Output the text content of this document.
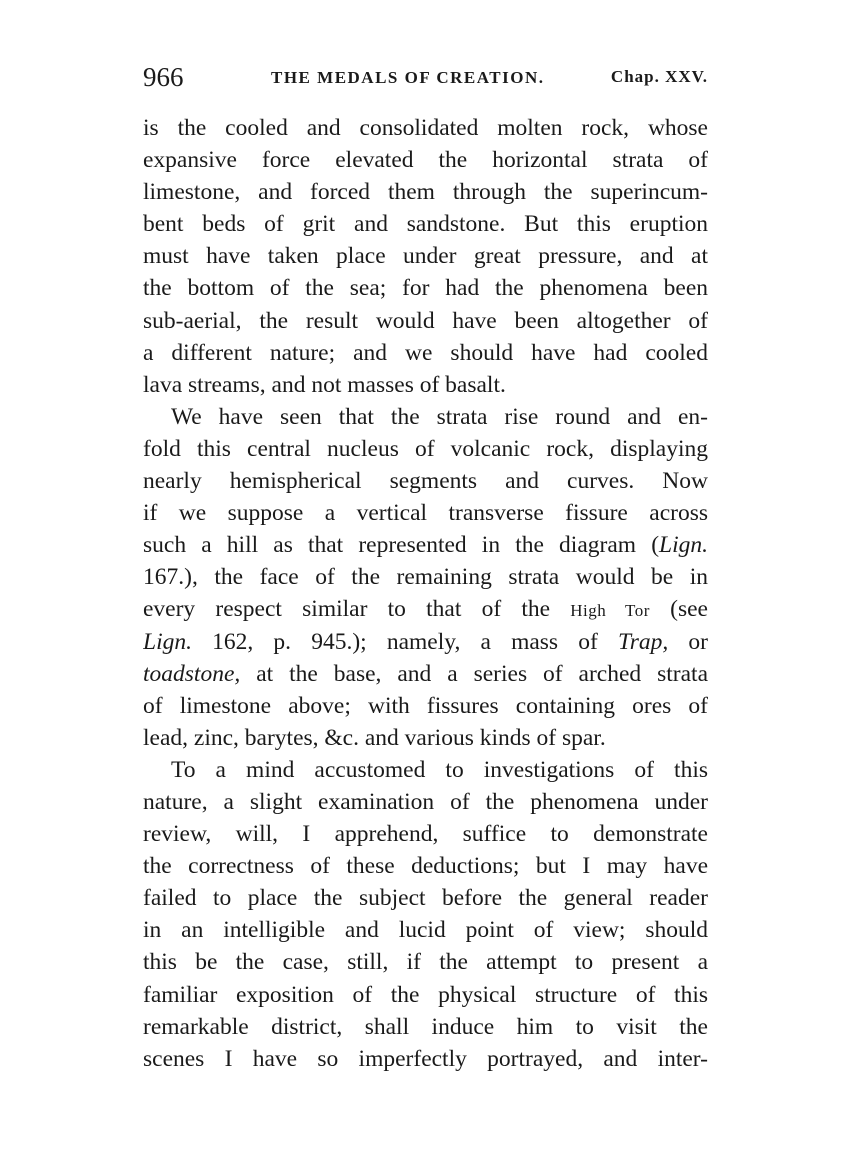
966	THE MEDALS OF CREATION.	Chap. XXV.
is the cooled and consolidated molten rock, whose
expansive force elevated the horizontal strata of
limestone, and forced them through the superincum-
bent beds of grit and sandstone. But this eruption
must have taken place under great pressure, and at
the bottom of the sea; for had the phenomena been
sub-aerial, the result would have been altogether of
a different nature; and we should have had cooled
lava streams, and not masses of basalt.
We have seen that the strata rise round and en-
fold this central nucleus of volcanic rock, displaying
nearly hemispherical segments and curves. Now
if we suppose a vertical transverse fissure across
such a hill as that represented in the diagram (Lign.
167.), the face of the remaining strata would be in
every respect similar to that of the High Tor (see
Lign. 162, p. 945.); namely, a mass of Trap, or
toadstone, at the base, and a series of arched strata
of limestone above; with fissures containing ores of
lead, zinc, barytes, &c. and various kinds of spar.
To a mind accustomed to investigations of this
nature, a slight examination of the phenomena under
review, will, I apprehend, suffice to demonstrate
the correctness of these deductions; but I may have
failed to place the subject before the general reader
in an intelligible and lucid point of view; should
this be the case, still, if the attempt to present a
familiar exposition of the physical structure of this
remarkable district, shall induce him to visit the
scenes I have so imperfectly portrayed, and inter-
